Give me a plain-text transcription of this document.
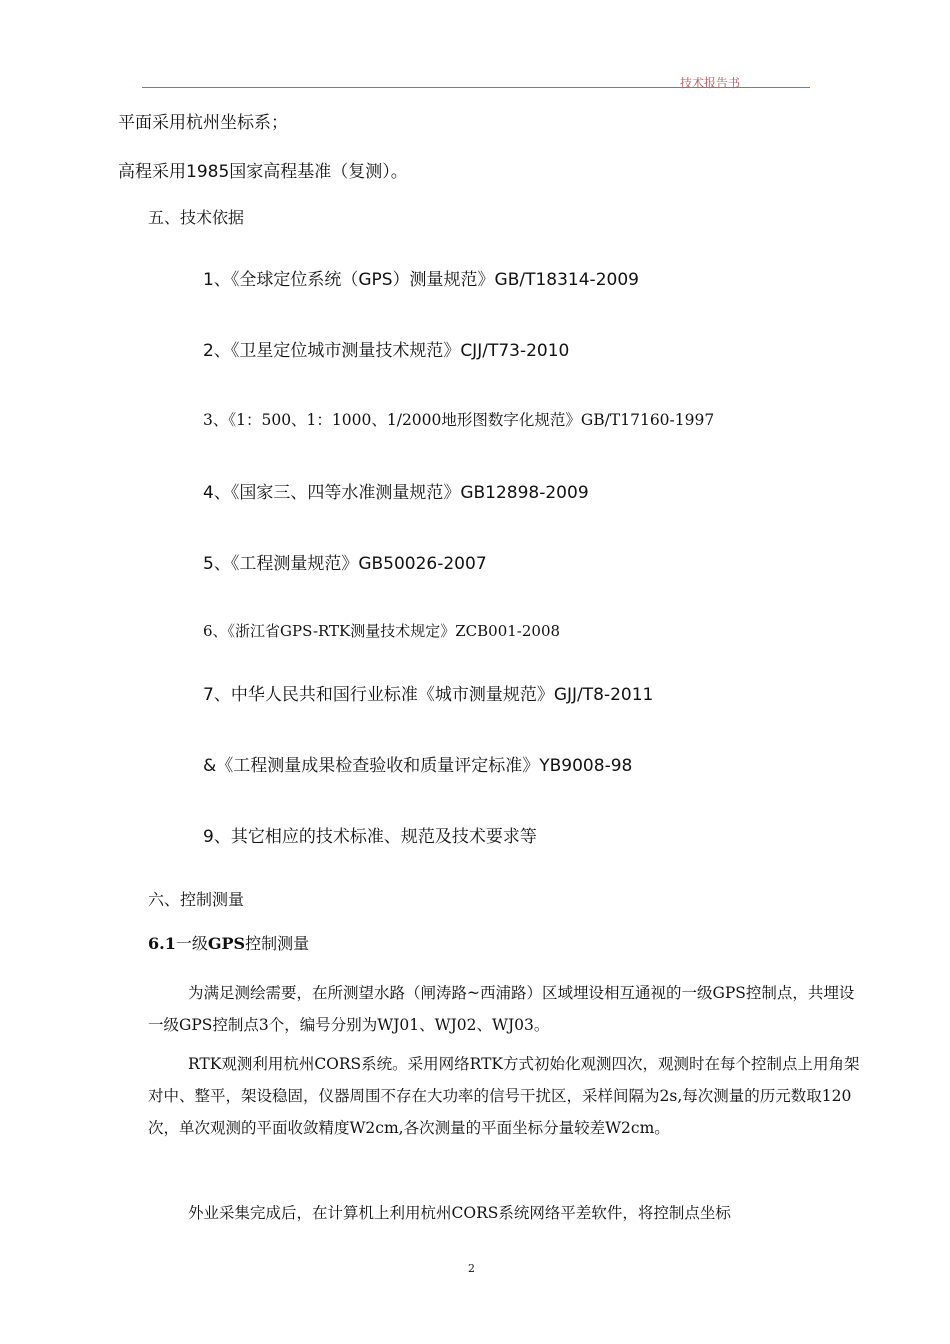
技术报告书
平面采用杭州坐标系；
高程采用1985国家高程基准（复测）。
五、技术依据
1、《全球定位系统（GPS）测量规范》GB/T18314-2009
2、《卫星定位城市测量技术规范》CJJ/T73-2010
3、《1：500、1：1000、1/2000地形图数字化规范》GB/T17160-1997
4、《国家三、四等水准测量规范》GB12898-2009
5、《工程测量规范》GB50026-2007
6、《浙江省GPS-RTK测量技术规定》ZCB001-2008
7、中华人民共和国行业标准《城市测量规范》GJJ/T8-2011
&《工程测量成果检查验收和质量评定标准》YB9008-98
9、其它相应的技术标准、规范及技术要求等
六、控制测量
6.1一级GPS控制测量
为满足测绘需要，在所测望水路（闸涛路~西浦路）区域埋设相互通视的一级GPS控制点，共埋设一级GPS控制点3个，编号分别为WJ01、WJ02、WJ03。
RTK观测利用杭州CORS系统。采用网络RTK方式初始化观测四次，观测时在每个控制点上用角架对中、整平，架设稳固，仪器周围不存在大功率的信号干扰区，采样间隔为2s,每次测量的历元数取120次，单次观测的平面收敛精度W2cm,各次测量的平面坐标分量较差W2cm。
外业采集完成后，在计算机上利用杭州CORS系统网络平差软件，将控制点坐标
2
